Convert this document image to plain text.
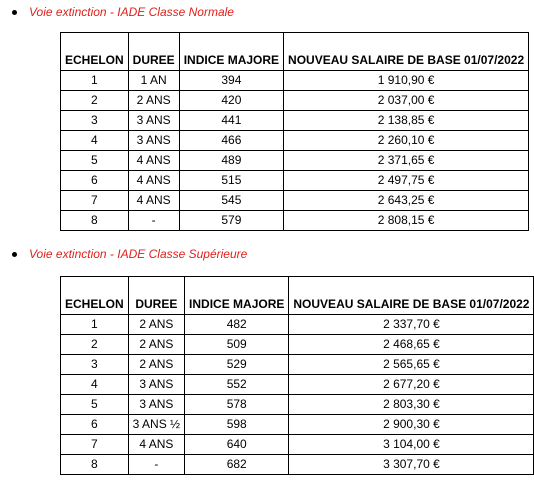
Voie extinction - IADE Classe Normale
ECHELON	DUREE	INDICE MAJORE	NOUVEAU SALAIRE DE BASE 01/07/2022
1	1 AN	394	1 910,90 €
2	2 ANS	420	2 037,00 €
3	3 ANS	441	2 138,85 €
4	3 ANS	466	2 260,10 €
5	4 ANS	489	2 371,65 €
6	4 ANS	515	2 497,75 €
7	4 ANS	545	2 643,25 €
8	-	579	2 808,15 €
Voie extinction - IADE Classe Supérieure
ECHELON	DUREE	INDICE MAJORE	NOUVEAU SALAIRE DE BASE 01/07/2022
1	2 ANS	482	2 337,70 €
2	2 ANS	509	2 468,65 €
3	2 ANS	529	2 565,65 €
4	3 ANS	552	2 677,20 €
5	3 ANS	578	2 803,30 €
6	3 ANS ½	598	2 900,30 €
7	4 ANS	640	3 104,00 €
8	-	682	3 307,70 €
